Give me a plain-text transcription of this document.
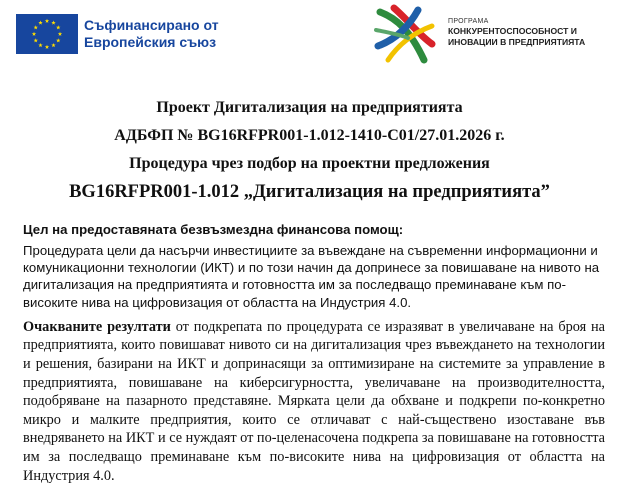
Съфинансирано от
Европейския съюз
ПРОГРАМА
КОНКУРЕНТОСПОСОБНОСТ И
ИНОВАЦИИ В ПРЕДПРИЯТИЯТА
Проект Дигитализация на предприятията
АДБФП № BG16RFPR001-1.012-1410-C01/27.01.2026 г.
Процедура чрез подбор на проектни предложения
BG16RFPR001-1.012 „Дигитализация на предприятията”

Цел на предоставяната безвъзмездна финансова помощ:

Процедурата цели да насърчи инвестициите за въвеждане на съвременни информационни и комуникационни технологии (ИКТ) и по този начин да допринесе за повишаване на нивото на дигитализация на предприятията и готовността им за последващо преминаване към по-високите нива на цифровизация от областта на Индустрия 4.0.

Очакваните резултати от подкрепата по процедурата се изразяват в увеличаване на броя на предприятията, които повишават нивото си на дигитализация чрез въвеждането на технологии и решения, базирани на ИКТ и допринасящи за оптимизиране на системите за управление в предприятията, повишаване на киберсигурността, увеличаване на производителността, подобряване на пазарното представяне. Мярката цели да обхване и подкрепи по-конкретно микро и малките предприятия, които се отличават с най-съществено изоставане във внедряването на ИКТ и се нуждаят от по-целенасочена подкрепа за повишаване на готовността им за последващо преминаване към по-високите нива на цифровизация от областта на Индустрия 4.0.
